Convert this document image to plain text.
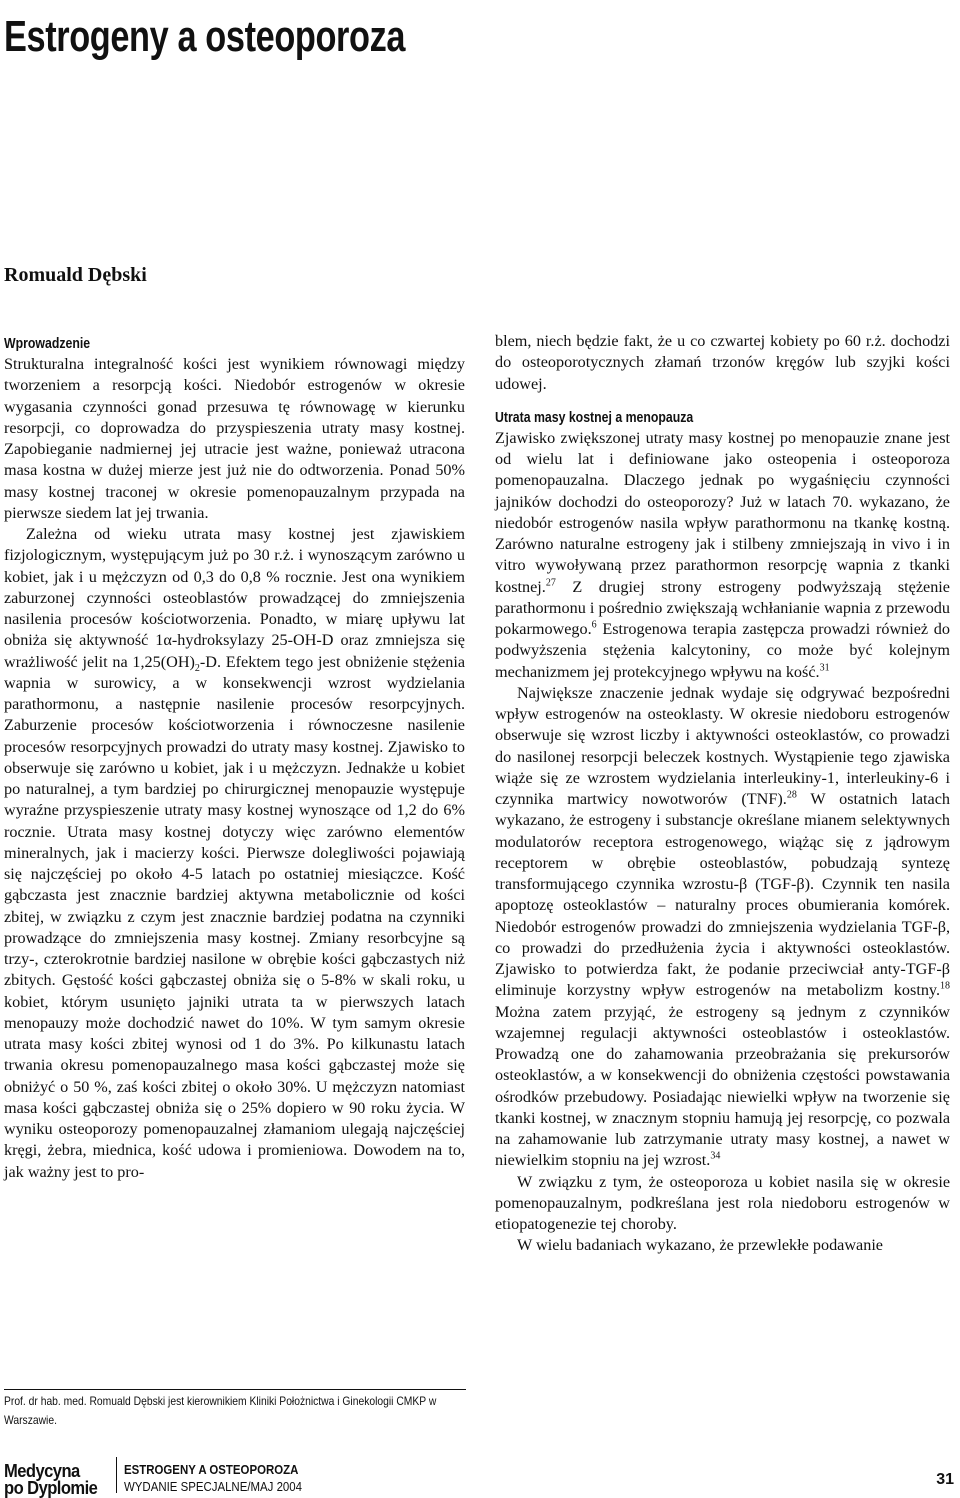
Estrogeny a osteoporoza
Romuald Dębski
Wprowadzenie

Strukturalna integralność kości jest wynikiem równowagi między tworzeniem a resorpcją kości. Niedobór estrogenów w okresie wygasania czynności gonad przesuwa tę równowagę w kierunku resorpcji, co doprowadza do przyspieszenia utraty masy kostnej. Zapobieganie nadmiernej jej utracie jest ważne, ponieważ utracona masa kostna w dużej mierze jest już nie do odtworzenia. Ponad 50% masy kostnej traconej w okresie pomenopauzalnym przypada na pierwsze siedem lat jej trwania.

Zależna od wieku utrata masy kostnej jest zjawiskiem fizjologicznym, występującym już po 30 r.ż. i wynoszącym zarówno u kobiet, jak i u mężczyzn od 0,3 do 0,8 % rocznie. Jest ona wynikiem zaburzonej czynności osteoblastów prowadzącej do zmniejszenia nasilenia procesów kościotworzenia. Ponadto, w miarę upływu lat obniża się aktywność 1α-hydroksylazy 25-OH-D oraz zmniejsza się wrażliwość jelit na $1,25(OH)_2-D$. Efektem tego jest obniżenie stężenia wapnia w surowicy, a w konsekwencji wzrost wydzielania parathormonu, a następnie nasilenie procesów resorpcyjnych. Zaburzenie procesów kościotworzenia i równoczesne nasilenie procesów resorpcyjnych prowadzi do utraty masy kostnej. Zjawisko to obserwuje się zarówno u kobiet, jak i u mężczyzn. Jednakże u kobiet po naturalnej, a tym bardziej po chirurgicznej menopauzie występuje wyraźne przyspieszenie utraty masy kostnej wynoszące od 1,2 do 6% rocznie. Utrata masy kostnej dotyczy więc zarówno elementów mineralnych, jak i macierzy kości. Pierwsze dolegliwości pojawiają się najczęściej po około 4-5 latach po ostatniej miesiączce. Kość gąbczasta jest znacznie bardziej aktywna metabolicznie od kości zbitej, w związku z czym jest znacznie bardziej podatna na czynniki prowadzące do zmniejszenia masy kostnej. Zmiany resorbcyjne są trzy-, czterokrotnie bardziej nasilone w obrębie kości gąbczastych niż zbitych. Gęstość kości gąbczastej obniża się o 5-8% w skali roku, u kobiet, którym usunięto jajniki utrata ta w pierwszych latach menopauzy może dochodzić nawet do 10%. W tym samym okresie utrata masy kości zbitej wynosi od 1 do 3%. Po kilkunastu latach trwania okresu pomenopauzalnego masa kości gąbczastej może się obniżyć o 50 %, zaś kości zbitej o około 30%. U mężczyzn natomiast masa kości gąbczastej obniża się o 25% dopiero w 90 roku życia. W wyniku osteoporozy pomenopauzalnej złamaniom ulegają najczęściej kręgi, żebra, miednica, kość udowa i promieniowa. Dowodem na to, jak ważny jest to pro-

blem, niech będzie fakt, że u co czwartej kobiety po 60 r.ż. dochodzi do osteoporotycznych złamań trzonów kręgów lub szyjki kości udowej.

Utrata masy kostnej a menopauza

Zjawisko zwiększonej utraty masy kostnej po menopauzie znane jest od wielu lat i definiowane jako osteopenia i osteoporoza pomenopauzalna. Dlaczego jednak po wygaśnięciu czynności jajników dochodzi do osteoporozy? Już w latach 70. wykazano, że niedobór estrogenów nasila wpływ parathormonu na tkankę kostną. Zarówno naturalne estrogeny jak i stilbeny zmniejszają in vivo i in vitro wywoływaną przez parathormon resorpcję wapnia z tkanki kostnej.$^{27}$ Z drugiej strony estrogeny podwyższają stężenie parathormonu i pośrednio zwiększają wchłanianie wapnia z przewodu pokarmowego.$^6$ Estrogenowa terapia zastępcza prowadzi również do podwyższenia stężenia kalcytoniny, co może być kolejnym mechanizmem jej protekcyjnego wpływu na kość.$^{31}$

Największe znaczenie jednak wydaje się odgrywać bezpośredni wpływ estrogenów na osteoklasty. W okresie niedoboru estrogenów obserwuje się wzrost liczby i aktywności osteoklastów, co prowadzi do nasilonej resorpcji beleczek kostnych. Wystąpienie tego zjawiska wiąże się ze wzrostem wydzielania interleukiny-1, interleukiny-6 i czynnika martwicy nowotworów (TNF).$^{28}$ W ostatnich latach wykazano, że estrogeny i substancje określane mianem selektywnych modulatorów receptora estrogenowego, wiążąc się z jądrowym receptorem w obrębie osteoblastów, pobudzają syntezę transformującego czynnika wzrostu-β (TGF-β). Czynnik ten nasila apoptozę osteoklastów – naturalny proces obumierania komórek. Niedobór estrogenów prowadzi do zmniejszenia wydzielania TGF-β, co prowadzi do przedłużenia życia i aktywności osteoklastów. Zjawisko to potwierdza fakt, że podanie przeciwciał anty-TGF-β eliminuje korzystny wpływ estrogenów na metabolizm kostny.$^{18}$ Można zatem przyjąć, że estrogeny są jednym z czynników wzajemnej regulacji aktywności osteoblastów i osteoklastów. Prowadzą one do zahamowania przeobrażania się prekursorów osteoklastów, a w konsekwencji do obniżenia częstości powstawania ośrodków przebudowy. Posiadając niewielki wpływ na tworzenie się tkanki kostnej, w znacznym stopniu hamują jej resorpcję, co pozwala na zahamowanie lub zatrzymanie utraty masy kostnej, a nawet w niewielkim stopniu na jej wzrost.$^{34}$

W związku z tym, że osteoporoza u kobiet nasila się w okresie pomenopauzalnym, podkreślana jest rola niedoboru estrogenów w etiopatogenezie tej choroby.

W wielu badaniach wykazano, że przewlekłe podawanie

Prof. dr hab. med. Romuald Dębski jest kierownikiem Kliniki Położnictwa i Ginekologii CMKP w Warszawie.
Medycyna
po Dyplomie
ESTROGENY A OSTEOPOROZA
WYDANIE SPECJALNE/MAJ 2004	31
